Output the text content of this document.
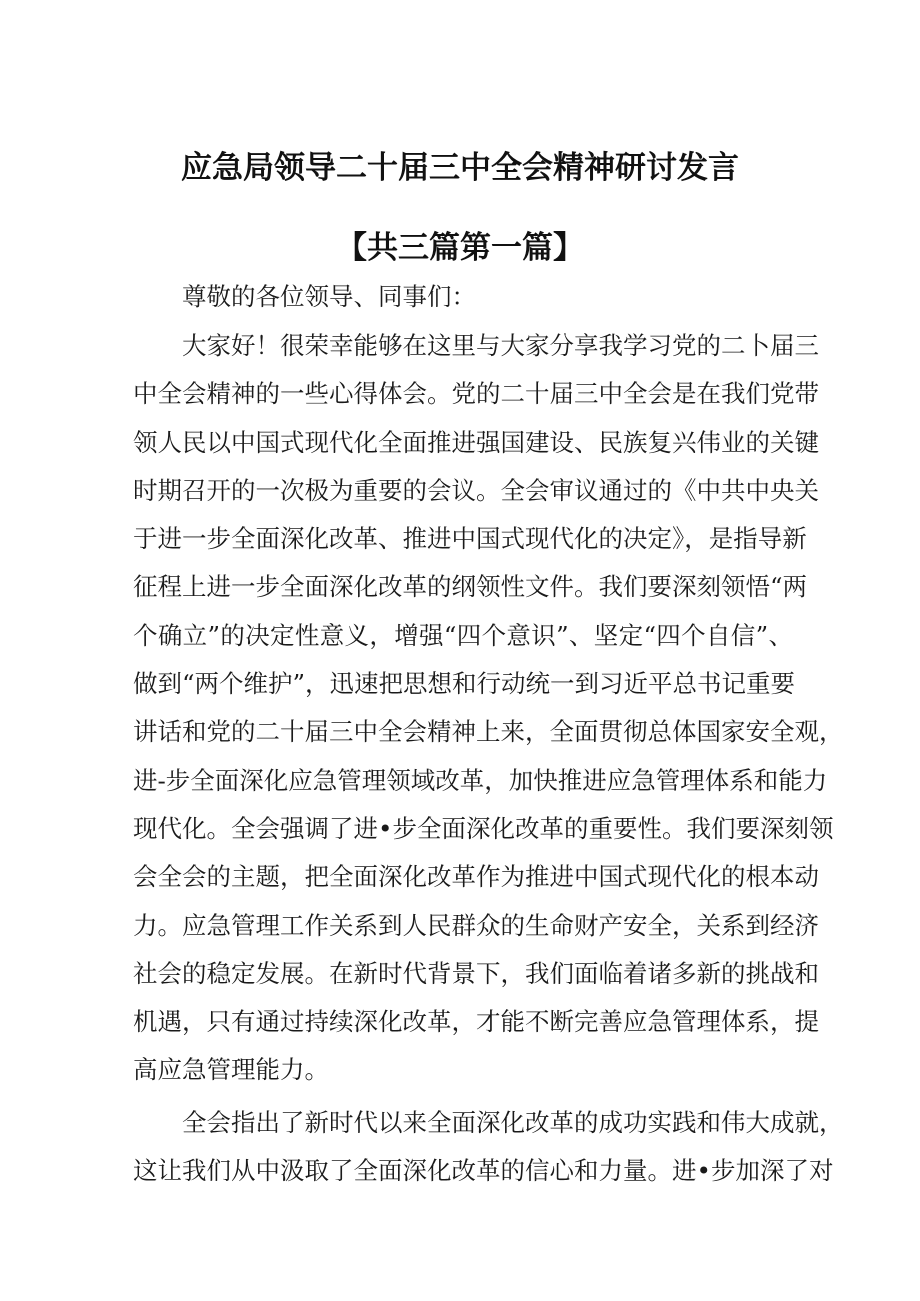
应急局领导二十届三中全会精神研讨发言
【共三篇第一篇】
尊敬的各位领导、同事们：
大家好！很荣幸能够在这里与大家分享我学习党的二卜届三
中全会精神的一些心得体会。党的二十届三中全会是在我们党带
领人民以中国式现代化全面推进强国建设、民族复兴伟业的关键
时期召开的一次极为重要的会议。全会审议通过的《中共中央关
于进一步全面深化改革、推进中国式现代化的决定》，是指导新
征程上进一步全面深化改革的纲领性文件。我们要深刻领悟“两
个确立”的决定性意义，增强“四个意识”、坚定“四个自信”、
做到“两个维护”，迅速把思想和行动统一到习近平总书记重要
讲话和党的二十届三中全会精神上来，全面贯彻总体国家安全观，
进-步全面深化应急管理领域改革，加快推进应急管理体系和能力
现代化。全会强调了进•步全面深化改革的重要性。我们要深刻领
会全会的主题，把全面深化改革作为推进中国式现代化的根本动
力。应急管理工作关系到人民群众的生命财产安全，关系到经济
社会的稳定发展。在新时代背景下，我们面临着诸多新的挑战和
机遇，只有通过持续深化改革，才能不断完善应急管理体系，提
高应急管理能力。
全会指出了新时代以来全面深化改革的成功实践和伟大成就，
这让我们从中汲取了全面深化改革的信心和力量。进•步加深了对
